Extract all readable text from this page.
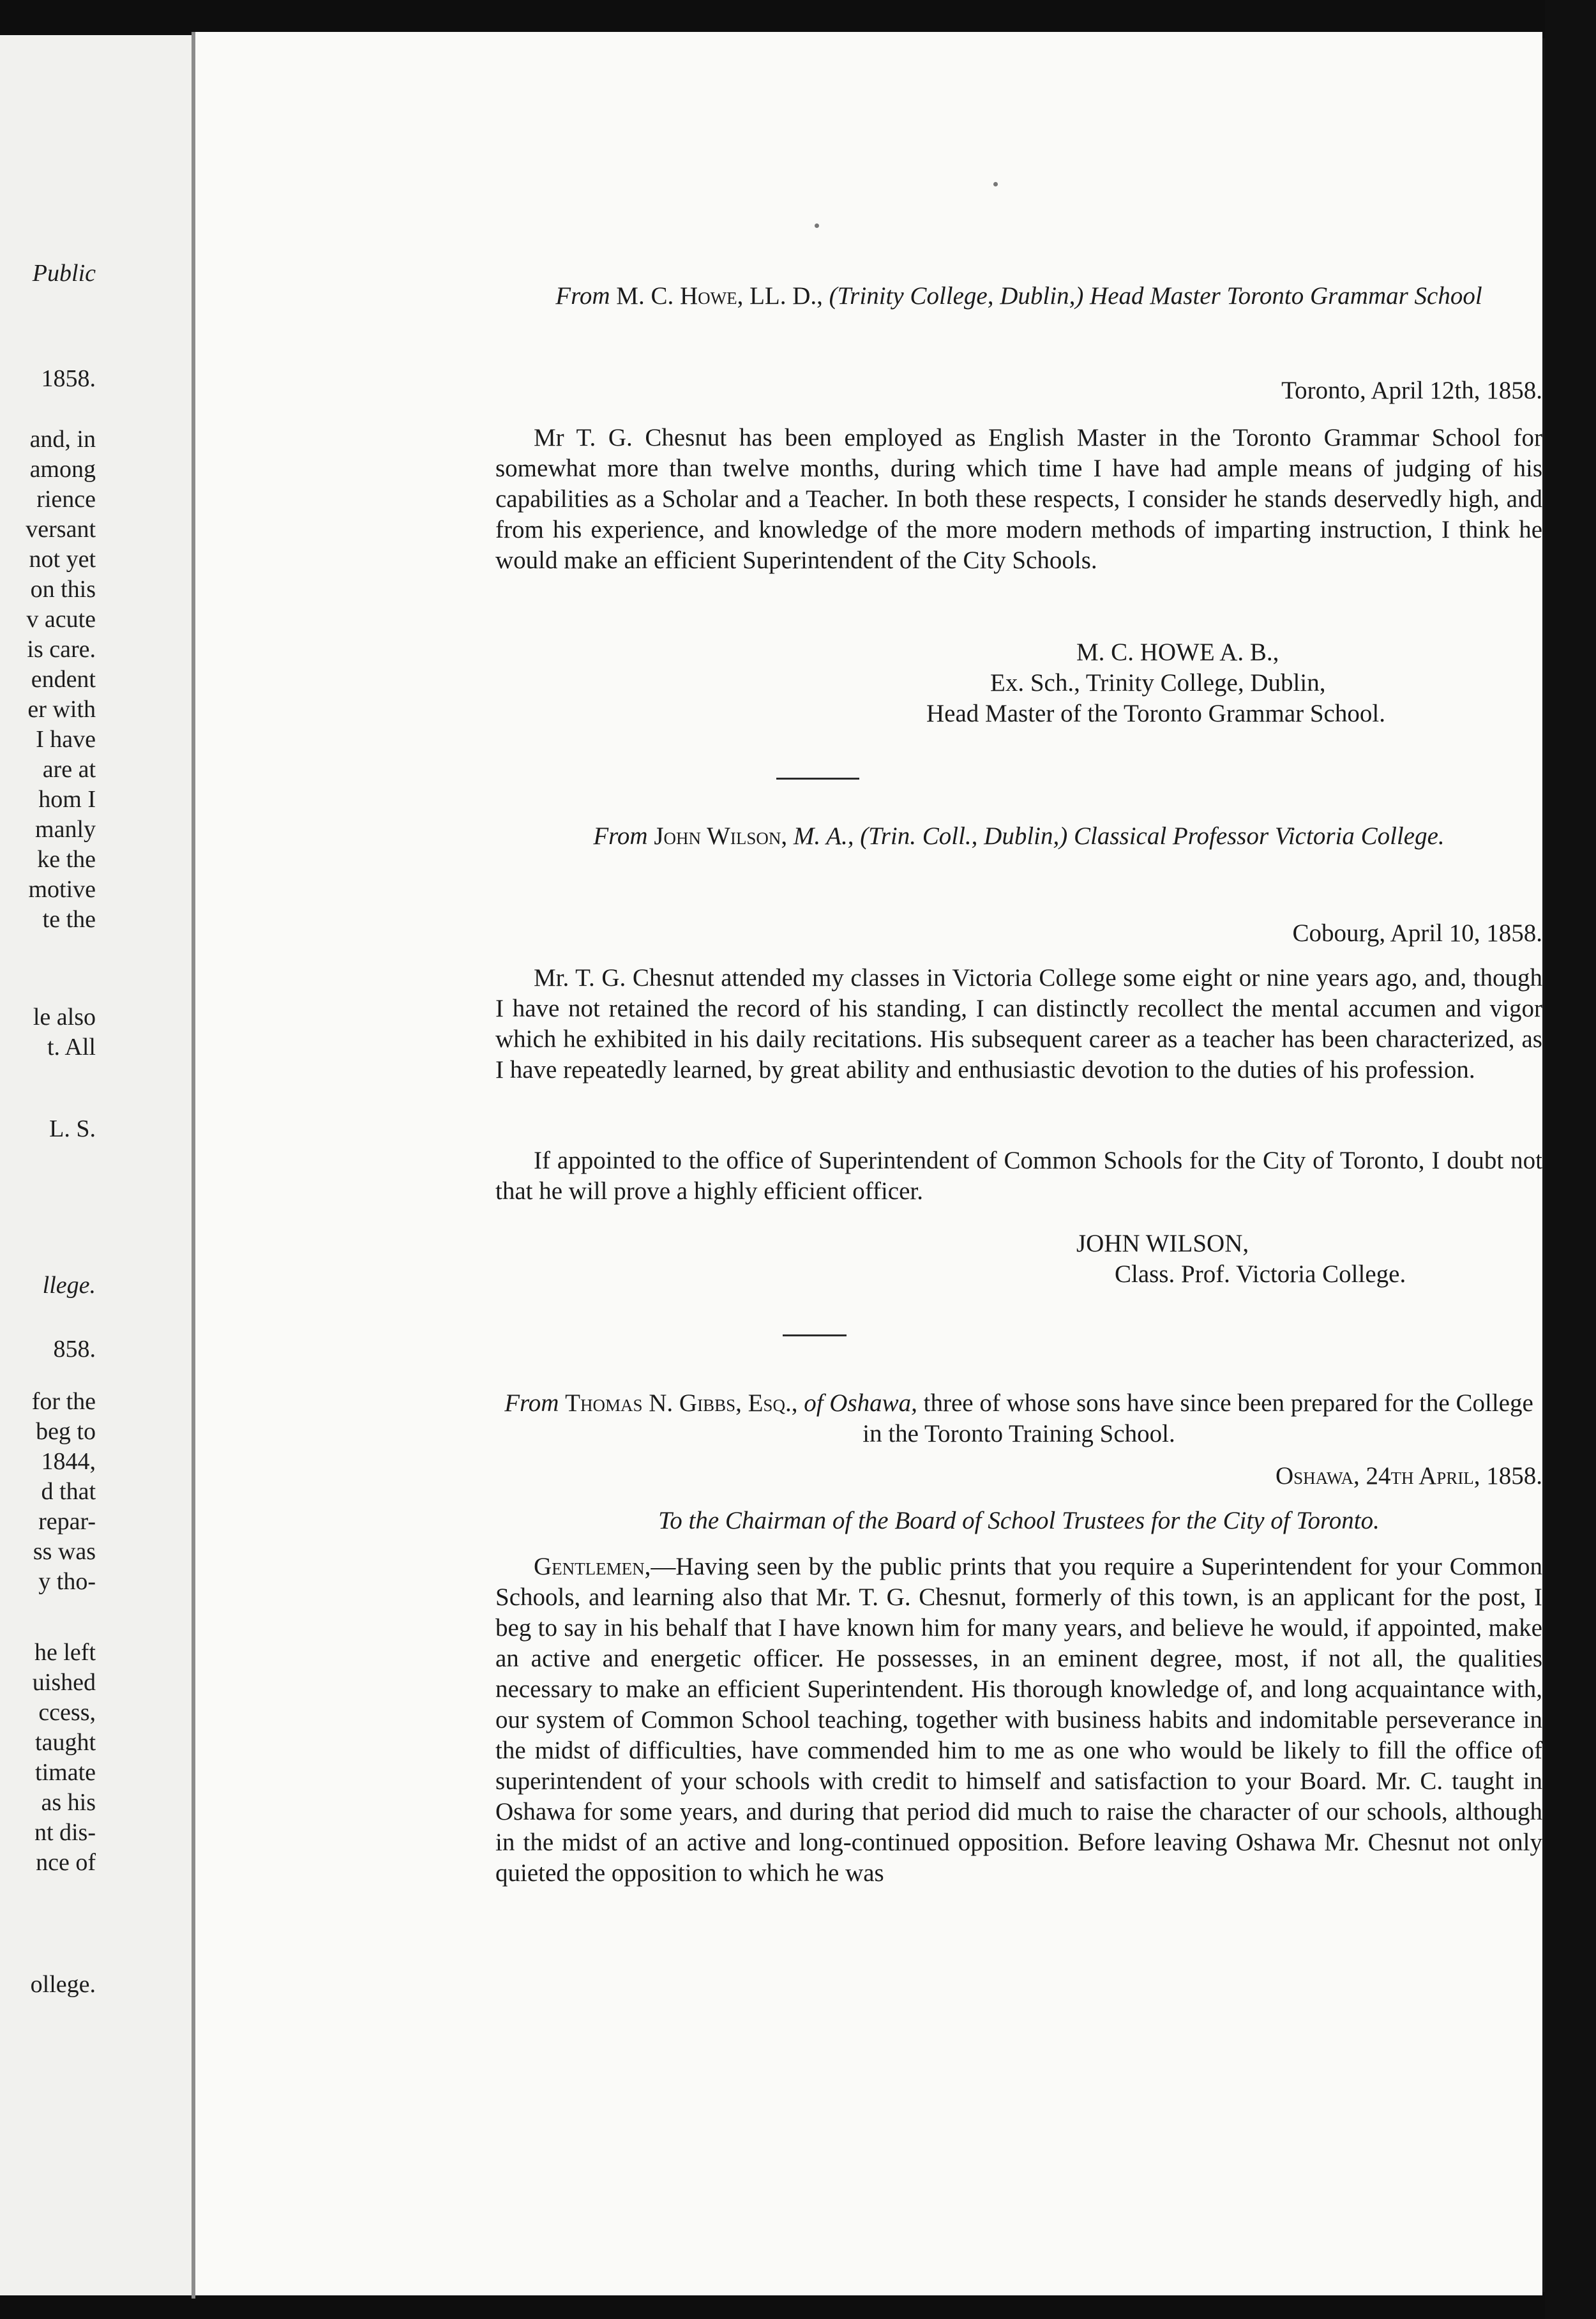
Public
1858.
and, in
among
rience
versant
not yet
on this
v acute
is care.
endent
er with
I have
are at
hom I
manly
ke the
motive
te the
le also
t. All
L. S.
llege.
858.
for the
beg to
1844,
d that
repar-
ss was
y tho-
he left
uished
ccess,
taught
timate
as his
nt dis-
nce of
ollege.
From M. C. Howe, LL. D., (Trinity College, Dublin,) Head Master Toronto Grammar School
Toronto, April 12th, 1858.
Mr T. G. Chesnut has been employed as English Master in the Toronto Grammar School for somewhat more than twelve months, during which time I have had ample means of judging of his capabilities as a Scholar and a Teacher. In both these respects, I consider he stands deservedly high, and from his experience, and knowledge of the more modern methods of imparting instruction, I think he would make an efficient Superintendent of the City Schools.
M. C. HOWE A. B.,
Ex. Sch., Trinity College, Dublin,
Head Master of the Toronto Grammar School.
From John Wilson, M. A., (Trin. Coll., Dublin,) Classical Professor Victoria College.
Cobourg, April 10, 1858.
Mr. T. G. Chesnut attended my classes in Victoria College some eight or nine years ago, and, though I have not retained the record of his standing, I can distinctly recollect the mental accumen and vigor which he exhibited in his daily recitations. His subsequent career as a teacher has been characterized, as I have repeatedly learned, by great ability and enthusiastic devotion to the duties of his profession.
If appointed to the office of Superintendent of Common Schools for the City of Toronto, I doubt not that he will prove a highly efficient officer.
JOHN WILSON,
Class. Prof. Victoria College.
From Thomas N. Gibbs, Esq., of Oshawa, three of whose sons have since been prepared for the College in the Toronto Training School.
Oshawa, 24th April, 1858.
To the Chairman of the Board of School Trustees for the City of Toronto.
Gentlemen,—Having seen by the public prints that you require a Superintendent for your Common Schools, and learning also that Mr. T. G. Chesnut, formerly of this town, is an applicant for the post, I beg to say in his behalf that I have known him for many years, and believe he would, if appointed, make an active and energetic officer. He possesses, in an eminent degree, most, if not all, the qualities necessary to make an efficient Superintendent. His thorough knowledge of, and long acquaintance with, our system of Common School teaching, together with business habits and indomitable perseverance in the midst of difficulties, have commended him to me as one who would be likely to fill the office of superintendent of your schools with credit to himself and satisfaction to your Board. Mr. C. taught in Oshawa for some years, and during that period did much to raise the character of our schools, although in the midst of an active and long-continued opposition. Before leaving Oshawa Mr. Chesnut not only quieted the opposition to which he was
